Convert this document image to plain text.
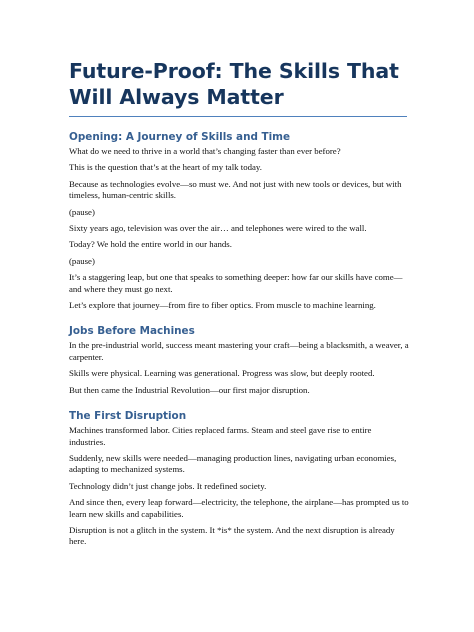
Future-Proof: The Skills That Will Always Matter
Opening: A Journey of Skills and Time

What do we need to thrive in a world that’s changing faster than ever before?

This is the question that’s at the heart of my talk today.

Because as technologies evolve—so must we. And not just with new tools or devices, but with timeless, human-centric skills.

(pause)

Sixty years ago, television was over the air… and telephones were wired to the wall.

Today? We hold the entire world in our hands.

(pause)

It’s a staggering leap, but one that speaks to something deeper: how far our skills have come—and where they must go next.

Let’s explore that journey—from fire to fiber optics. From muscle to machine learning.

Jobs Before Machines

In the pre-industrial world, success meant mastering your craft—being a blacksmith, a weaver, a carpenter.

Skills were physical. Learning was generational. Progress was slow, but deeply rooted.

But then came the Industrial Revolution—our first major disruption.

The First Disruption

Machines transformed labor. Cities replaced farms. Steam and steel gave rise to entire industries.

Suddenly, new skills were needed—managing production lines, navigating urban economies, adapting to mechanized systems.

Technology didn’t just change jobs. It redefined society.

And since then, every leap forward—electricity, the telephone, the airplane—has prompted us to learn new skills and capabilities.

Disruption is not a glitch in the system. It *is* the system. And the next disruption is already here.
